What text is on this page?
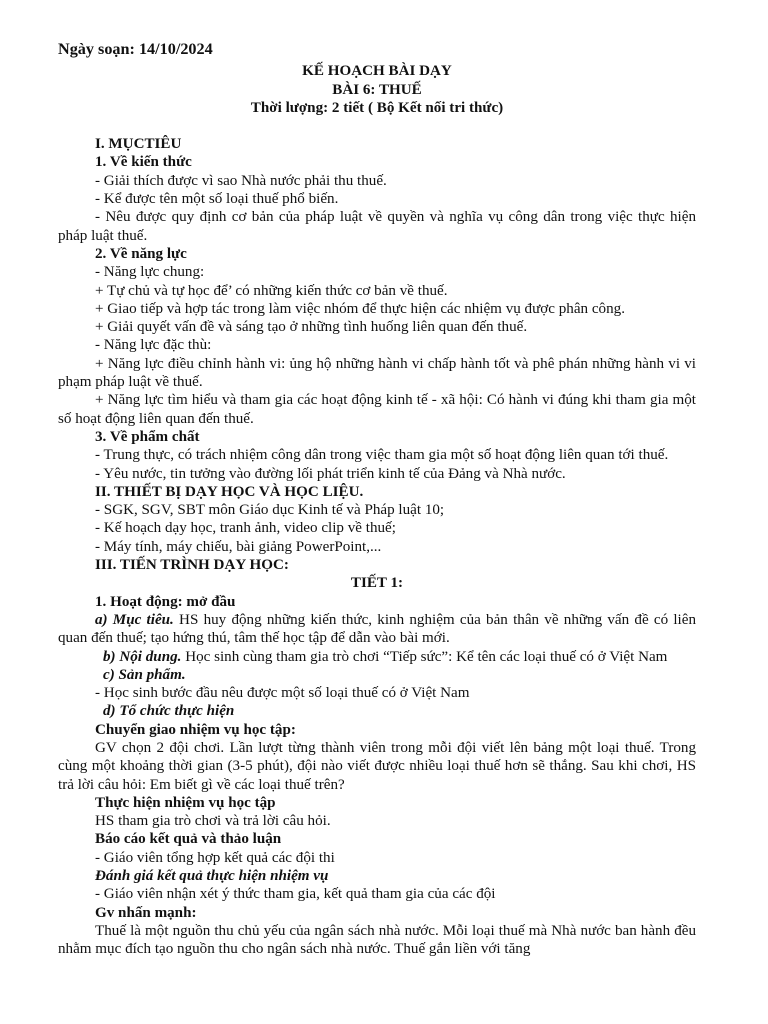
Ngày soạn: 14/10/2024

KẾ HOẠCH BÀI DẠY

BÀI 6: THUẾ

Thời lượng: 2 tiết ( Bộ Kết nối tri thức)

I. MỤCTIÊU

1. Về kiến thức

- Giải thích được vì sao Nhà nước phải thu thuế.

- Kể được tên một số loại thuế phổ biến.

- Nêu được quy định cơ bản của pháp luật về quyền và nghĩa vụ công dân trong việc thực hiện pháp luật thuế.

2. Về năng lực

- Năng lực chung:

+ Tự chủ và tự học để’ có những kiến thức cơ bản về thuế.

+ Giao tiếp và hợp tác trong làm việc nhóm để thực hiện các nhiệm vụ được phân công.

+ Giải quyết vấn đề và sáng tạo ở những tình huống liên quan đến thuế.

- Năng lực đặc thù:

+ Năng lực điều chỉnh hành vi: ủng hộ những hành vi chấp hành tốt và phê phán những hành vi vi phạm pháp luật về thuế.

+ Năng lực tìm hiểu và tham gia các hoạt động kinh tế - xã hội: Có hành vi đúng khi tham gia một số hoạt động liên quan đến thuế.

3. Về phẩm chất

- Trung thực, có trách nhiệm công dân trong việc tham gia một số hoạt động liên quan tới thuế.

- Yêu nước, tin tưởng vào đường lối phát triển kinh tế của Đảng và Nhà nước.

II. THIẾT BỊ DẠY HỌC VÀ HỌC LIỆU.

- SGK, SGV, SBT môn Giáo dục Kinh tế và Pháp luật 10;

- Kế hoạch dạy học, tranh ảnh, video clip về thuế;

- Máy tính, máy chiếu, bài giảng PowerPoint,...

III. TIẾN TRÌNH DẠY HỌC:

TIẾT 1:

1. Hoạt động: mở đầu

a) Mục tiêu. HS huy động những kiến thức, kinh nghiệm của bản thân về những vấn đề có liên quan đến thuế; tạo hứng thú, tâm thế học tập để dẫn vào bài mới.

b) Nội dung. Học sinh cùng tham gia trò chơi “Tiếp sức”: Kể tên các loại thuế có ở Việt Nam

c) Sản phẩm.

- Học sinh bước đầu nêu được một số loại thuế có ở Việt Nam

d) Tổ chức thực hiện

Chuyển giao nhiệm vụ học tập:

GV chọn 2 đội chơi. Lần lượt từng thành viên trong mỗi đội viết lên bảng một loại thuế. Trong cùng một khoảng thời gian (3-5 phút), đội nào viết được nhiều loại thuế hơn sẽ thắng. Sau khi chơi, HS trả lời câu hỏi: Em biết gì về các loại thuế trên?

Thực hiện nhiệm vụ học tập

HS tham gia trò chơi và trả lời câu hỏi.

Báo cáo kết quả và thảo luận

- Giáo viên tổng hợp kết quả các đội thi

Đánh giá kết quả thực hiện nhiệm vụ

- Giáo viên nhận xét ý thức tham gia, kết quả tham gia của các đội

Gv nhấn mạnh:

Thuế là một nguồn thu chủ yếu của ngân sách nhà nước. Mỗi loại thuế mà Nhà nước ban hành đều nhằm mục đích tạo nguồn thu cho ngân sách nhà nước. Thuế gắn liền với tăng
